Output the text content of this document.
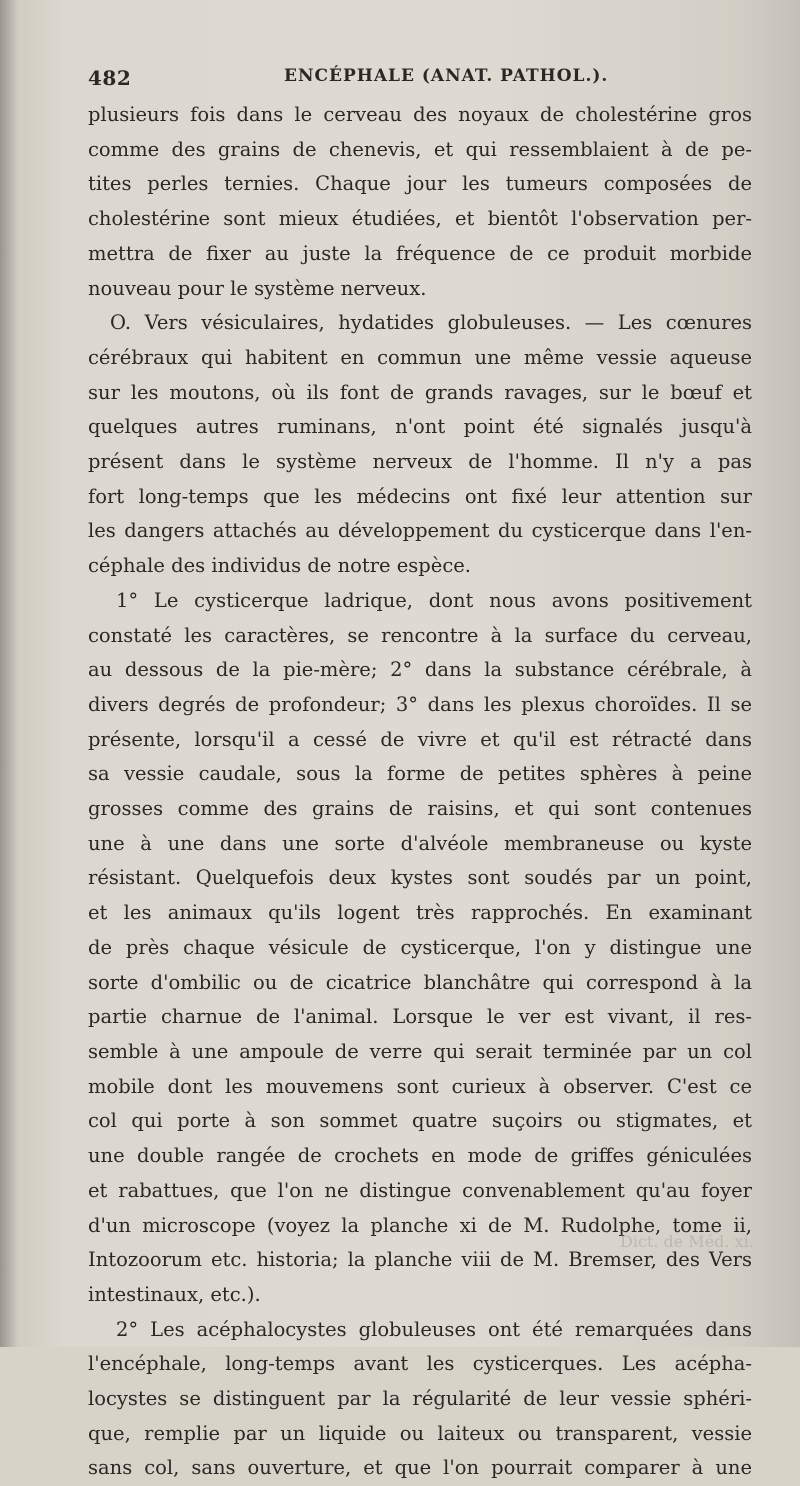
482	ENCÉPHALE (ANAT. PATHOL.).
plusieurs fois dans le cerveau des noyaux de cholestérine gros
comme des grains de chenevis, et qui ressemblaient à de pe-
tites perles ternies. Chaque jour les tumeurs composées de
cholestérine sont mieux étudiées, et bientôt l'observation per-
mettra de fixer au juste la fréquence de ce produit morbide
nouveau pour le système nerveux.
O. Vers vésiculaires, hydatides globuleuses. — Les cœnures
cérébraux qui habitent en commun une même vessie aqueuse
sur les moutons, où ils font de grands ravages, sur le bœuf et
quelques autres ruminans, n'ont point été signalés jusqu'à
présent dans le système nerveux de l'homme. Il n'y a pas
fort long-temps que les médecins ont fixé leur attention sur
les dangers attachés au développement du cysticerque dans l'en-
céphale des individus de notre espèce.
1° Le cysticerque ladrique, dont nous avons positivement
constaté les caractères, se rencontre à la surface du cerveau,
au dessous de la pie-mère; 2° dans la substance cérébrale, à
divers degrés de profondeur; 3° dans les plexus choroïdes. Il se
présente, lorsqu'il a cessé de vivre et qu'il est rétracté dans
sa vessie caudale, sous la forme de petites sphères à peine
grosses comme des grains de raisins, et qui sont contenues
une à une dans une sorte d'alvéole membraneuse ou kyste
résistant. Quelquefois deux kystes sont soudés par un point,
et les animaux qu'ils logent très rapprochés. En examinant
de près chaque vésicule de cysticerque, l'on y distingue une
sorte d'ombilic ou de cicatrice blanchâtre qui correspond à la
partie charnue de l'animal. Lorsque le ver est vivant, il res-
semble à une ampoule de verre qui serait terminée par un col
mobile dont les mouvemens sont curieux à observer. C'est ce
col qui porte à son sommet quatre suçoirs ou stigmates, et
une double rangée de crochets en mode de griffes géniculées
et rabattues, que l'on ne distingue convenablement qu'au foyer
d'un microscope (voyez la planche xi de M. Rudolphe, tome ii,
Intozoorum etc. historia; la planche viii de M. Bremser, des Vers
intestinaux, etc.).
2° Les acéphalocystes globuleuses ont été remarquées dans
l'encéphale, long-temps avant les cysticerques. Les acépha-
locystes se distinguent par la régularité de leur vessie sphéri-
que, remplie par un liquide ou laiteux ou transparent, vessie
sans col, sans ouverture, et que l'on pourrait comparer à une
Dict. de Méd. xi.
